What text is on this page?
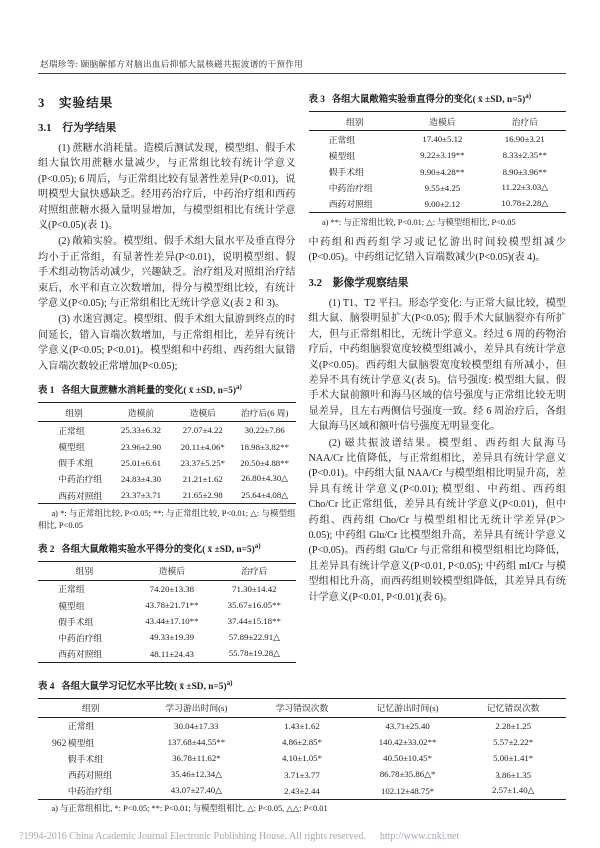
赵瑞珍等: 颐脑解郁方对脑出血后抑郁大鼠核磁共振波谱的干预作用
3　实验结果
3.1　行为学结果

(1) 蔗糖水消耗量。造模后测试发现，模型组、假手术组大鼠饮用蔗糖水量减少，与正常组比较有统计学意义(P<0.05); 6 周后，与正常组比较有显著性差异(P<0.01)，说明模型大鼠快感缺乏。经用药治疗后，中药治疗组和西药对照组蔗糖水摄入量明显增加，与模型组相比有统计学意义(P<0.05)(表 1)。

(2) 敞箱实验。模型组、假手术组大鼠水平及垂直得分均小于正常组，有显著性差异(P<0.01)，说明模型组、假手术组动物活动减少，兴趣缺乏。治疗组及对照组治疗结束后，水平和直立次数增加，得分与模型组比较，有统计学意义(P<0.05); 与正常组相比无统计学意义(表 2 和 3)。

(3) 水迷宫测定。模型组、假手术组大鼠游到终点的时间延长，错入盲端次数增加，与正常组相比，差异有统计学意义(P<0.05; P<0.01)。模型组和中药组、西药组大鼠错入盲端次数较正常增加(P<0.05);

表 1 各组大鼠蔗糖水消耗量的变化( x̄ ±SD, n=5)$^{a)}$
组别	造模前	造模后	治疗后(6 周)
正常组	25.33±6.32	27.07±4.22	30.22±7.86
模型组	23.96±2.90	20.11±4.06*	18.98±3.82**
假手术组	25.01±6.61	23.37±5.25*	20.50±4.88**
中药治疗组	24.83±4.30	21.21±1.62	26.80±4.30△
西药对照组	23.37±3.71	21.65±2.98	25.64±4.08△

a) *: 与正常组比较, P<0.05; **: 与正常组比较, P<0.01; △: 与模型组相比, P<0.05

表 2 各组大鼠敞箱实验水平得分的变化( x̄ ±SD, n=5)$^{a)}$
组别	造模后	治疗后
正常组	74.20±13.38	71.30±14.42
模型组	43.78±21.71**	35.67±16.05**
假手术组	43.44±17.10**	37.44±15.18**
中药治疗组	49.33±19.39	57.89±22.91△
西药对照组	48.11±24.43	55.78±19.28△
表 3 各组大鼠敞箱实验垂直得分的变化( x̄ ±SD, n=5)$^{a)}$
组别	造模后	治疗后
正常组	17.40±5.12	16.90±3.21
模型组	9.22±3.19**	8.33±2.35**
假手术组	9.90±4.28**	8.90±3.96**
中药治疗组	9.55±4.25	11.22±3.03△
西药对照组	9.00±2.12	10.78±2.28△

a) **: 与正常组比较, P<0.01; △: 与模型组相比, P<0.05

中药组和西药组学习或记忆游出时间较模型组减少(P<0.05)。中药组记忆错入盲端数减少(P<0.05)(表 4)。

3.2　影像学观察结果

(1) T1、T2 平扫。形态学变化: 与正常大鼠比较，模型组大鼠、脑裂明显扩大(P<0.05); 假手术大鼠脑裂亦有所扩大，但与正常组相比，无统计学意义。经过 6 周的药物治疗后，中药组脑裂宽度较模型组减小，差异具有统计学意义(P<0.05)。西药组大鼠脑裂宽度较模型组有所减小，但差异不具有统计学意义(表 5)。信号强度: 模型组大鼠、假手术大鼠前额叶和海马区域的信号强度与正常组比较无明显差异，且左右两侧信号强度一致。经 6 周治疗后，各组大鼠海马区域和额叶信号强度无明显变化。

(2) 磁共振波谱结果。模型组、西药组大鼠海马 NAA/Cr 比值降低，与正常组相比，差异具有统计学意义(P<0.01)。中药组大鼠 NAA/Cr 与模型组相比明显升高，差异具有统计学意义(P<0.01); 模型组、中药组、西药组 Cho/Cr 比正常组低，差异具有统计学意义(P<0.01)，但中药组、西药组 Cho/Cr 与模型组相比无统计学差异(P＞0.05); 中药组 Glu/Cr 比模型组升高，差异具有统计学意义(P<0.05)。西药组 Glu/Cr 与正常组和模型组相比均降低，且差异具有统计学意义(P<0.01, P<0.05); 中药组 mI/Cr 与模型组相比升高，而西药组则较模型组降低，其差异具有统计学意义(P<0.01, P<0.01)(表 6)。

表 4 各组大鼠学习记忆水平比较( x̄ ±SD, n=5)$^{a)}$
组别	学习游出时间(s)	学习错误次数	记忆游出时间(s)	记忆错误次数
正常组	30.04±17.33	1.43±1.62	43.71±25.40	2.28±1.25
模型组	137.68±44.55**	4.86±2.85*	140.42±33.02**	5.57±2.22*
假手术组	36.78±11.62*	4.10±1.05*	40.50±10.45*	5.00±1.41*
西药对照组	35.46±12.34△	3.71±3.77	86.78±35.86△*	3.86±1.35
中药治疗组	43.07±27.40△	2.43±2.44	102.12±48.75*	2.57±1.40△

a) 与正常组相比, *: P<0.05; **: P<0.01; 与模型组相比, △: P<0.05, △△: P<0.01

962
?1994-2016 China Academic Journal Electronic Publishing House. All rights reserved. http://www.cnki.net
